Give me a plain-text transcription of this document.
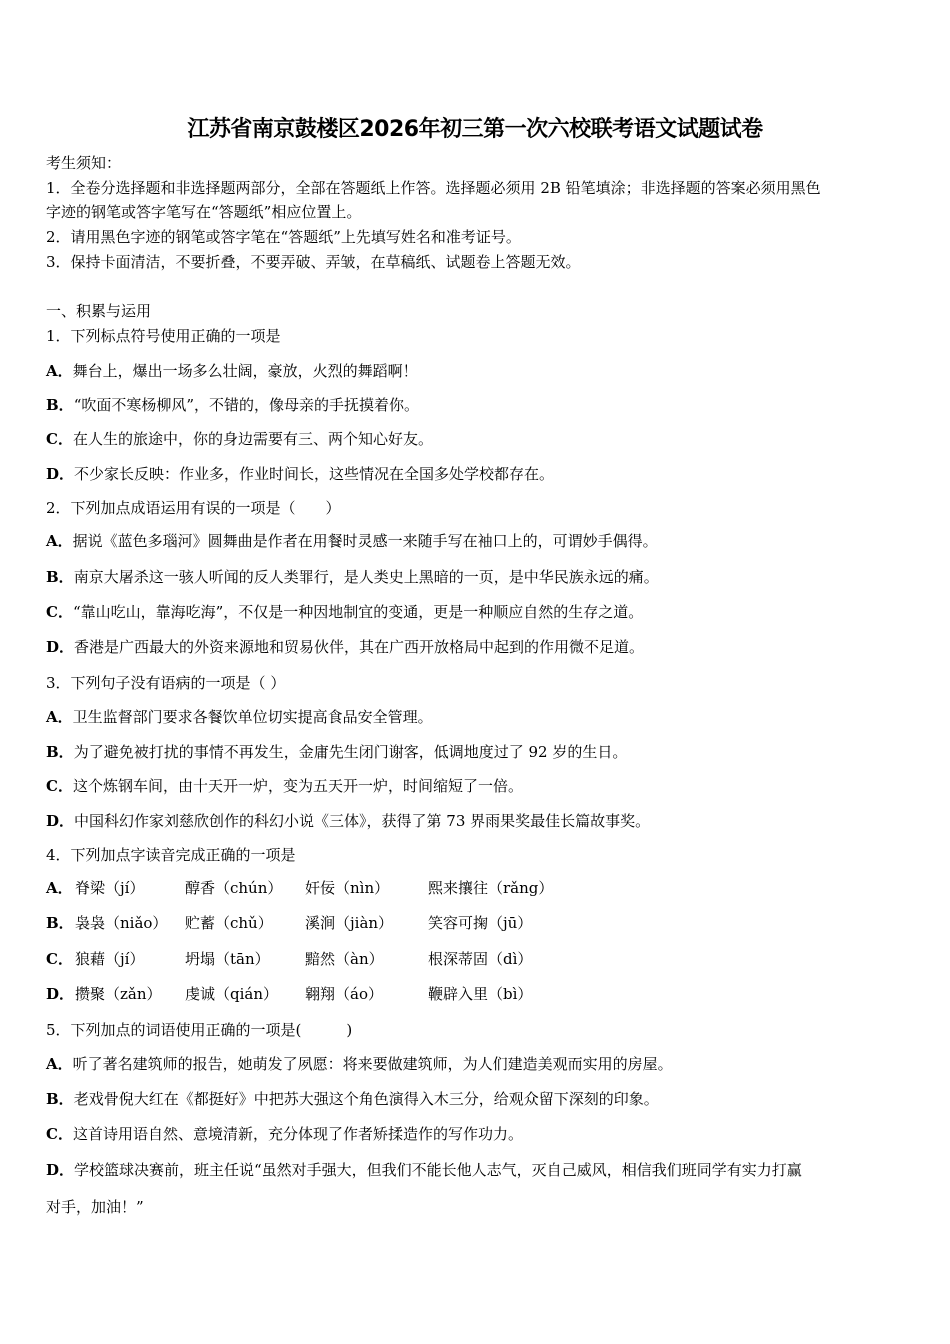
江苏省南京鼓楼区2026年初三第一次六校联考语文试题试卷
考生须知：
1．全卷分选择题和非选择题两部分，全部在答题纸上作答。选择题必须用 2B 铅笔填涂；非选择题的答案必须用黑色
字迹的钢笔或答字笔写在“答题纸”相应位置上。
2．请用黑色字迹的钢笔或答字笔在“答题纸”上先填写姓名和准考证号。
3．保持卡面清洁，不要折叠，不要弄破、弄皱，在草稿纸、试题卷上答题无效。
一、积累与运用
1．下列标点符号使用正确的一项是
A．舞台上，爆出一场多么壮阔，豪放，火烈的舞蹈啊！
B．“吹面不寒杨柳风”，不错的，像母亲的手抚摸着你。
C．在人生的旅途中，你的身边需要有三、两个知心好友。
D．不少家长反映：作业多，作业时间长，这些情况在全国多处学校都存在。
2．下列加点成语运用有误的一项是（　　）
A．据说《蓝色多瑙河》圆舞曲是作者在用餐时灵感一来随手写在袖口上的，可谓妙手偶得。
B．南京大屠杀这一骇人听闻的反人类罪行，是人类史上黑暗的一页，是中华民族永远的痛。
C．“靠山吃山，靠海吃海”，不仅是一种因地制宜的变通，更是一种顺应自然的生存之道。
D．香港是广西最大的外资来源地和贸易伙伴，其在广西开放格局中起到的作用微不足道。
3．下列句子没有语病的一项是（ ）
A．卫生监督部门要求各餐饮单位切实提高食品安全管理。
B．为了避免被打扰的事情不再发生，金庸先生闭门谢客，低调地度过了 92 岁的生日。
C．这个炼钢车间，由十天开一炉，变为五天开一炉，时间缩短了一倍。
D．中国科幻作家刘慈欣创作的科幻小说《三体》，获得了第 73 界雨果奖最佳长篇故事奖。
4．下列加点字读音完成正确的一项是
A． 脊梁（jí）	醇香（chún） 奸佞（nìn）	熙来攘往（rǎng）
B． 袅袅（niǎo） 贮蓄（chǔ） 溪涧（jiàn） 笑容可掬（jū）
C． 狼藉（jí）	坍塌（tān） 黯然（àn）	根深蒂固（dì）
D． 攒聚（zǎn） 虔诚（qián） 翱翔（áo）	鞭辟入里（bì）
5．下列加点的词语使用正确的一项是(　　　)
A．听了著名建筑师的报告，她萌发了夙愿：将来要做建筑师，为人们建造美观而实用的房屋。
B．老戏骨倪大红在《都挺好》中把苏大强这个角色演得入木三分，给观众留下深刻的印象。
C．这首诗用语自然、意境清新，充分体现了作者矫揉造作的写作功力。
D．学校篮球决赛前，班主任说“虽然对手强大，但我们不能长他人志气，灭自己威风，相信我们班同学有实力打赢
对手，加油！”
